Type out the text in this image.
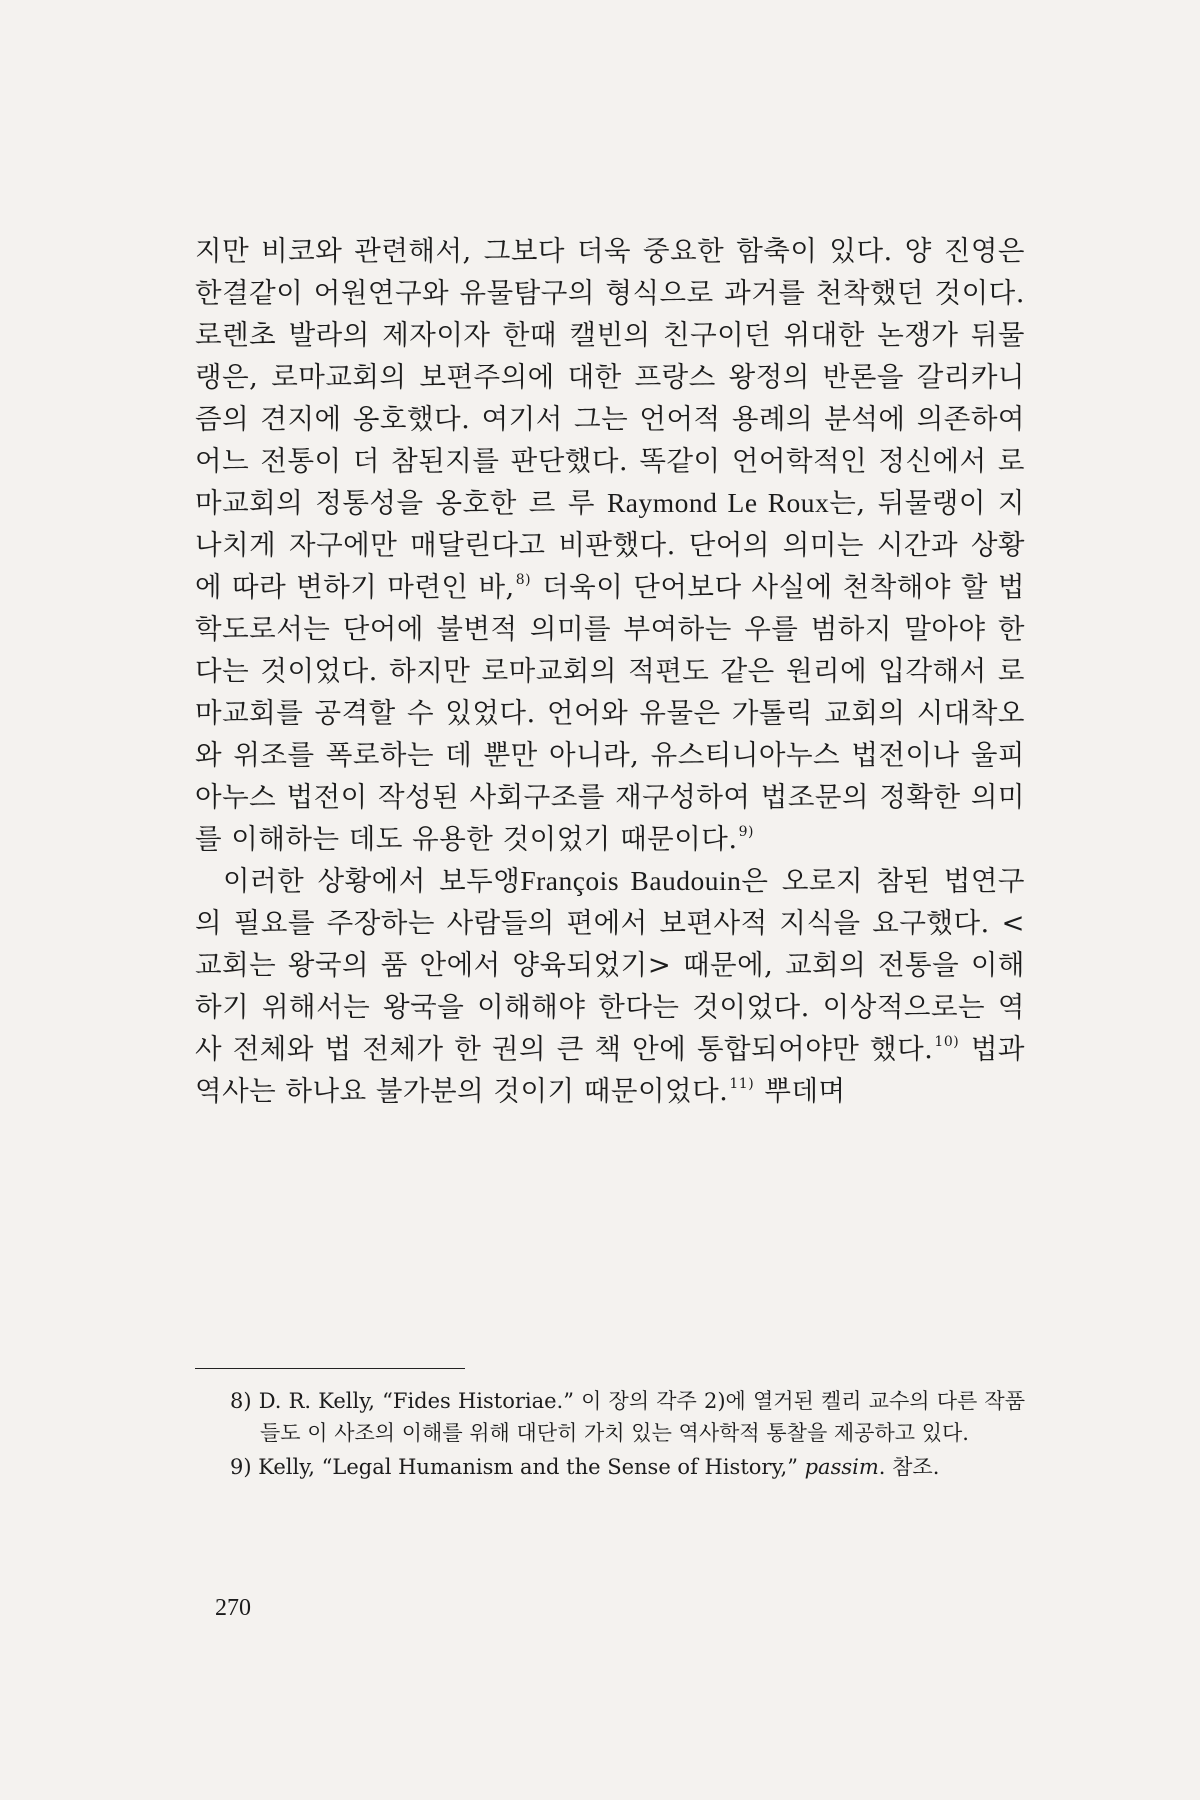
지만 비코와 관련해서, 그보다 더욱 중요한 함축이 있다. 양 진영은 한결같이 어원연구와 유물탐구의 형식으로 과거를 천착했던 것이다. 로렌초 발라의 제자이자 한때 캘빈의 친구이던 위대한 논쟁가 뒤물랭은, 로마교회의 보편주의에 대한 프랑스 왕정의 반론을 갈리카니즘의 견지에 옹호했다. 여기서 그는 언어적 용례의 분석에 의존하여 어느 전통이 더 참된지를 판단했다. 똑같이 언어학적인 정신에서 로마교회의 정통성을 옹호한 르 루 Raymond Le Roux는, 뒤물랭이 지나치게 자구에만 매달린다고 비판했다. 단어의 의미는 시간과 상황에 따라 변하기 마련인 바,$^{8)}$ 더욱이 단어보다 사실에 천착해야 할 법학도로서는 단어에 불변적 의미를 부여하는 우를 범하지 말아야 한다는 것이었다. 하지만 로마교회의 적편도 같은 원리에 입각해서 로마교회를 공격할 수 있었다. 언어와 유물은 가톨릭 교회의 시대착오와 위조를 폭로하는 데 뿐만 아니라, 유스티니아누스 법전이나 울피아누스 법전이 작성된 사회구조를 재구성하여 법조문의 정확한 의미를 이해하는 데도 유용한 것이었기 때문이다.$^{9)}$

이러한 상황에서 보두앵François Baudouin은 오로지 참된 법연구의 필요를 주장하는 사람들의 편에서 보편사적 지식을 요구했다. <교회는 왕국의 품 안에서 양육되었기> 때문에, 교회의 전통을 이해하기 위해서는 왕국을 이해해야 한다는 것이었다. 이상적으로는 역사 전체와 법 전체가 한 권의 큰 책 안에 통합되어야만 했다.$^{10)}$ 법과 역사는 하나요 불가분의 것이기 때문이었다.$^{11)}$ 뿌데며

8) D. R. Kelly, “Fides Historiae.” 이 장의 각주 2)에 열거된 켈리 교수의 다른 작품들도 이 사조의 이해를 위해 대단히 가치 있는 역사학적 통찰을 제공하고 있다.

9) Kelly, “Legal Humanism and the Sense of History,” passim. 참조.

270
